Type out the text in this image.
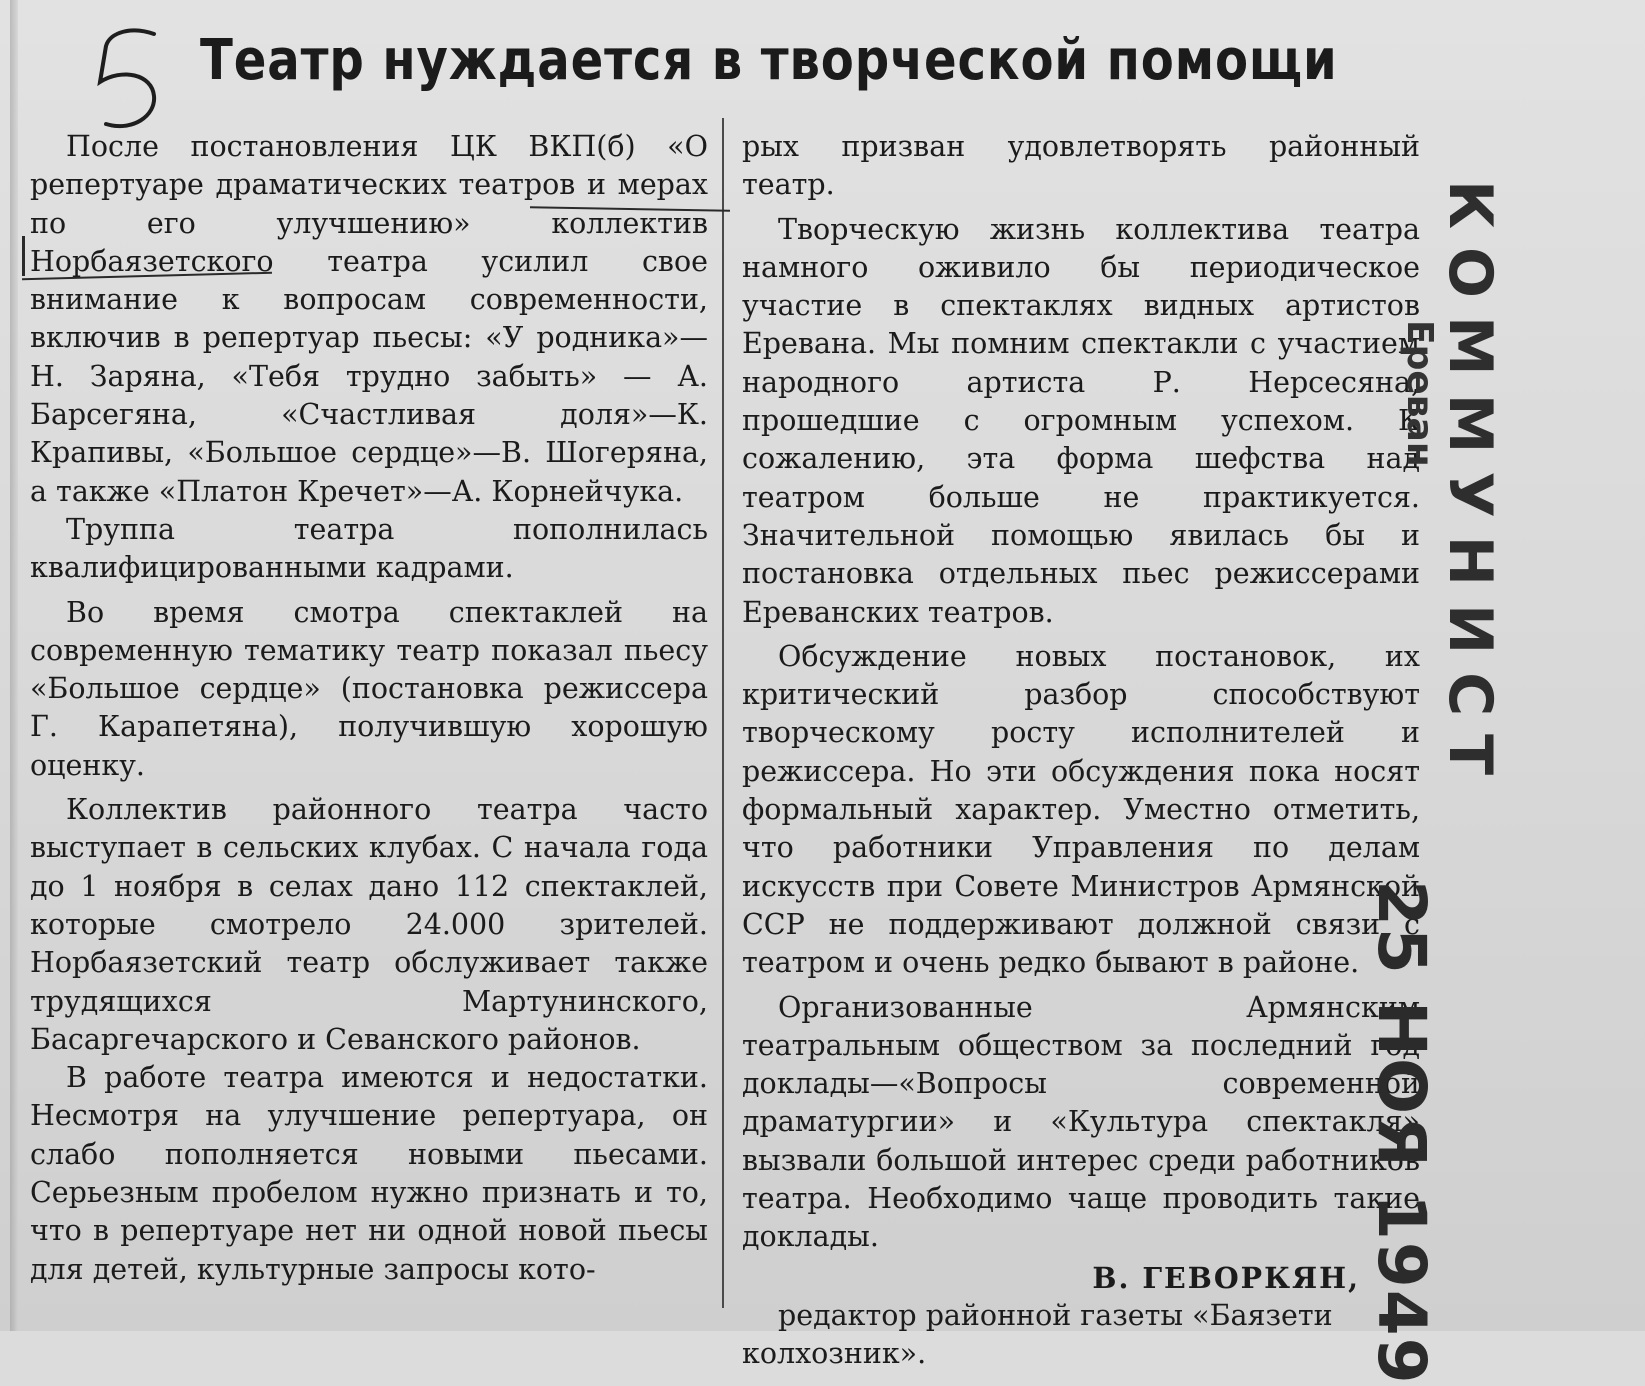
Театр нуждается в творческой помощи

После постановления ЦК ВКП(б) «О репертуаре драматических театров и мерах по его улучшению» коллектив Норбаязетского театра усилил свое внимание к вопросам современности, включив в репертуар пьесы: «У родника»—Н. Заряна, «Тебя трудно забыть» — А. Барсегяна, «Счастливая доля»—К. Крапивы, «Большое сердце»—В. Шогеряна, а также «Платон Кречет»—А. Корнейчука.

Труппа театра пополнилась квалифицированными кадрами.

Во время смотра спектаклей на современную тематику театр показал пьесу «Большое сердце» (постановка режиссера Г. Карапетяна), получившую хорошую оценку.

Коллектив районного театра часто выступает в сельских клубах. С начала года до 1 ноября в селах дано 112 спектаклей, которые смотрело 24.000 зрителей. Норбаязетский театр обслуживает также трудящихся Мартунинского, Басаргечарского и Севанского районов.

В работе театра имеются и недостатки. Несмотря на улучшение репертуара, он слабо пополняется новыми пьесами. Серьезным пробелом нужно признать и то, что в репертуаре нет ни одной новой пьесы для детей, культурные запросы кото-

рых призван удовлетворять районный театр.

Творческую жизнь коллектива театра намного оживило бы периодическое участие в спектаклях видных артистов Еревана. Мы помним спектакли с участием народного артиста Р. Нерсесяна, прошедшие с огромным успехом. К сожалению, эта форма шефства над театром больше не практикуется. Значительной помощью явилась бы и постановка отдельных пьес режиссерами Ереванских театров.

Обсуждение новых постановок, их критический разбор способствуют творческому росту исполнителей и режиссера. Но эти обсуждения пока носят формальный характер. Уместно отметить, что работники Управления по делам искусств при Совете Министров Армянской ССР не поддерживают должной связи с театром и очень редко бывают в районе.

Организованные Армянским театральным обществом за последний год доклады—«Вопросы современной драматургии» и «Культура спектакля» вызвали большой интерес среди работников театра. Необходимо чаще проводить такие доклады.

В. ГЕВОРКЯН,

редактор районной газеты «Баязети колхозник».

КОММУНИСТ
Ереван
25 НОЯ 1949
